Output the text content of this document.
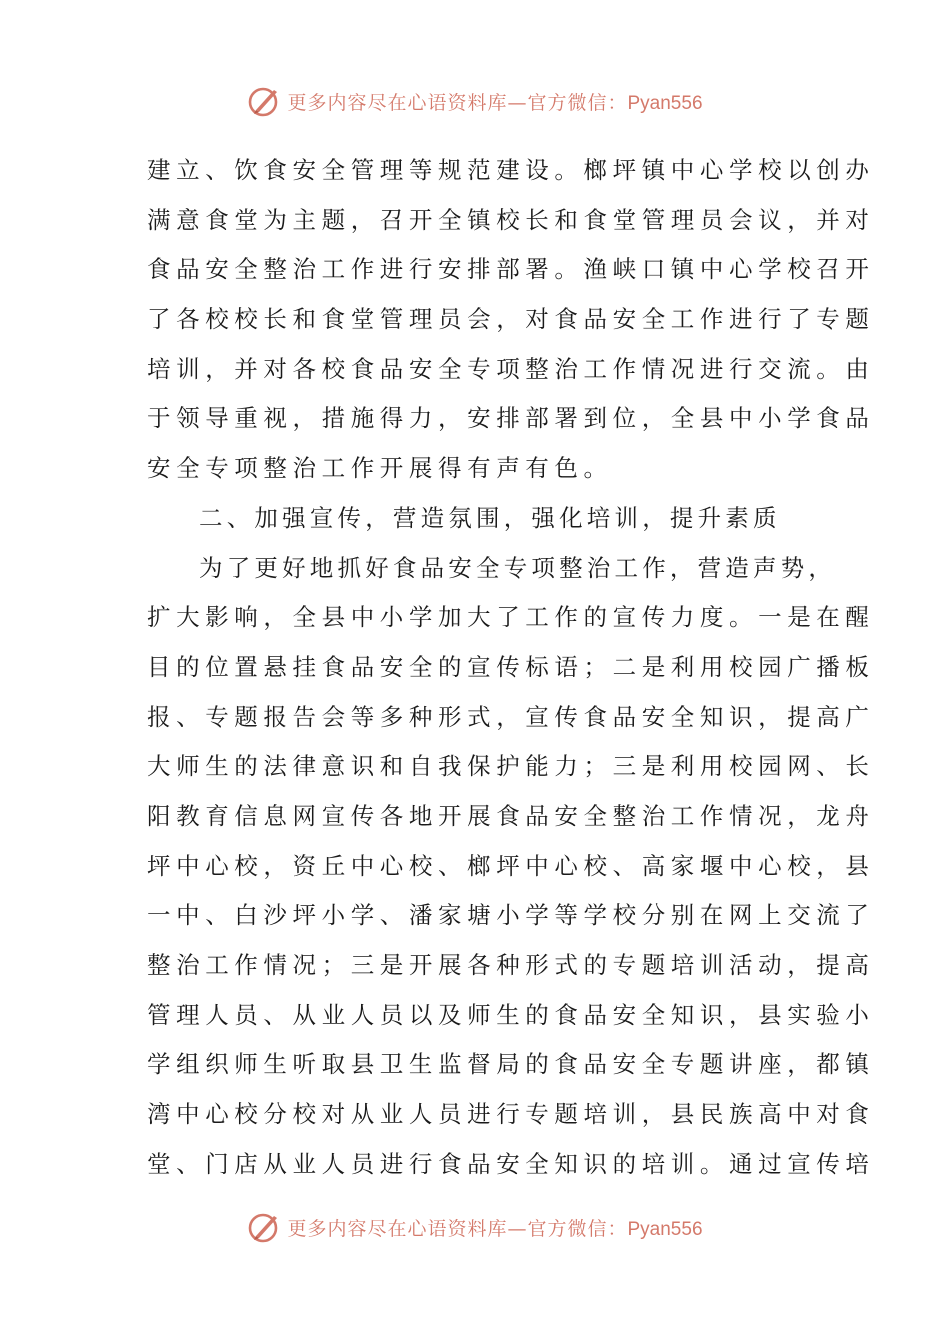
更多内容尽在心语资料库—官方微信：Pyan556
建立、饮食安全管理等规范建设。榔坪镇中心学校以创办
满意食堂为主题，召开全镇校长和食堂管理员会议，并对
食品安全整治工作进行安排部署。渔峡口镇中心学校召开
了各校校长和食堂管理员会，对食品安全工作进行了专题
培训，并对各校食品安全专项整治工作情况进行交流。由
于领导重视，措施得力，安排部署到位，全县中小学食品
安全专项整治工作开展得有声有色。
二、加强宣传，营造氛围，强化培训，提升素质
为了更好地抓好食品安全专项整治工作，营造声势，
扩大影响，全县中小学加大了工作的宣传力度。一是在醒
目的位置悬挂食品安全的宣传标语；二是利用校园广播板
报、专题报告会等多种形式，宣传食品安全知识，提高广
大师生的法律意识和自我保护能力；三是利用校园网、长
阳教育信息网宣传各地开展食品安全整治工作情况，龙舟
坪中心校，资丘中心校、榔坪中心校、高家堰中心校，县
一中、白沙坪小学、潘家塘小学等学校分别在网上交流了
整治工作情况；三是开展各种形式的专题培训活动，提高
管理人员、从业人员以及师生的食品安全知识，县实验小
学组织师生听取县卫生监督局的食品安全专题讲座，都镇
湾中心校分校对从业人员进行专题培训，县民族高中对食
堂、门店从业人员进行食品安全知识的培训。通过宣传培
更多内容尽在心语资料库—官方微信：Pyan556
